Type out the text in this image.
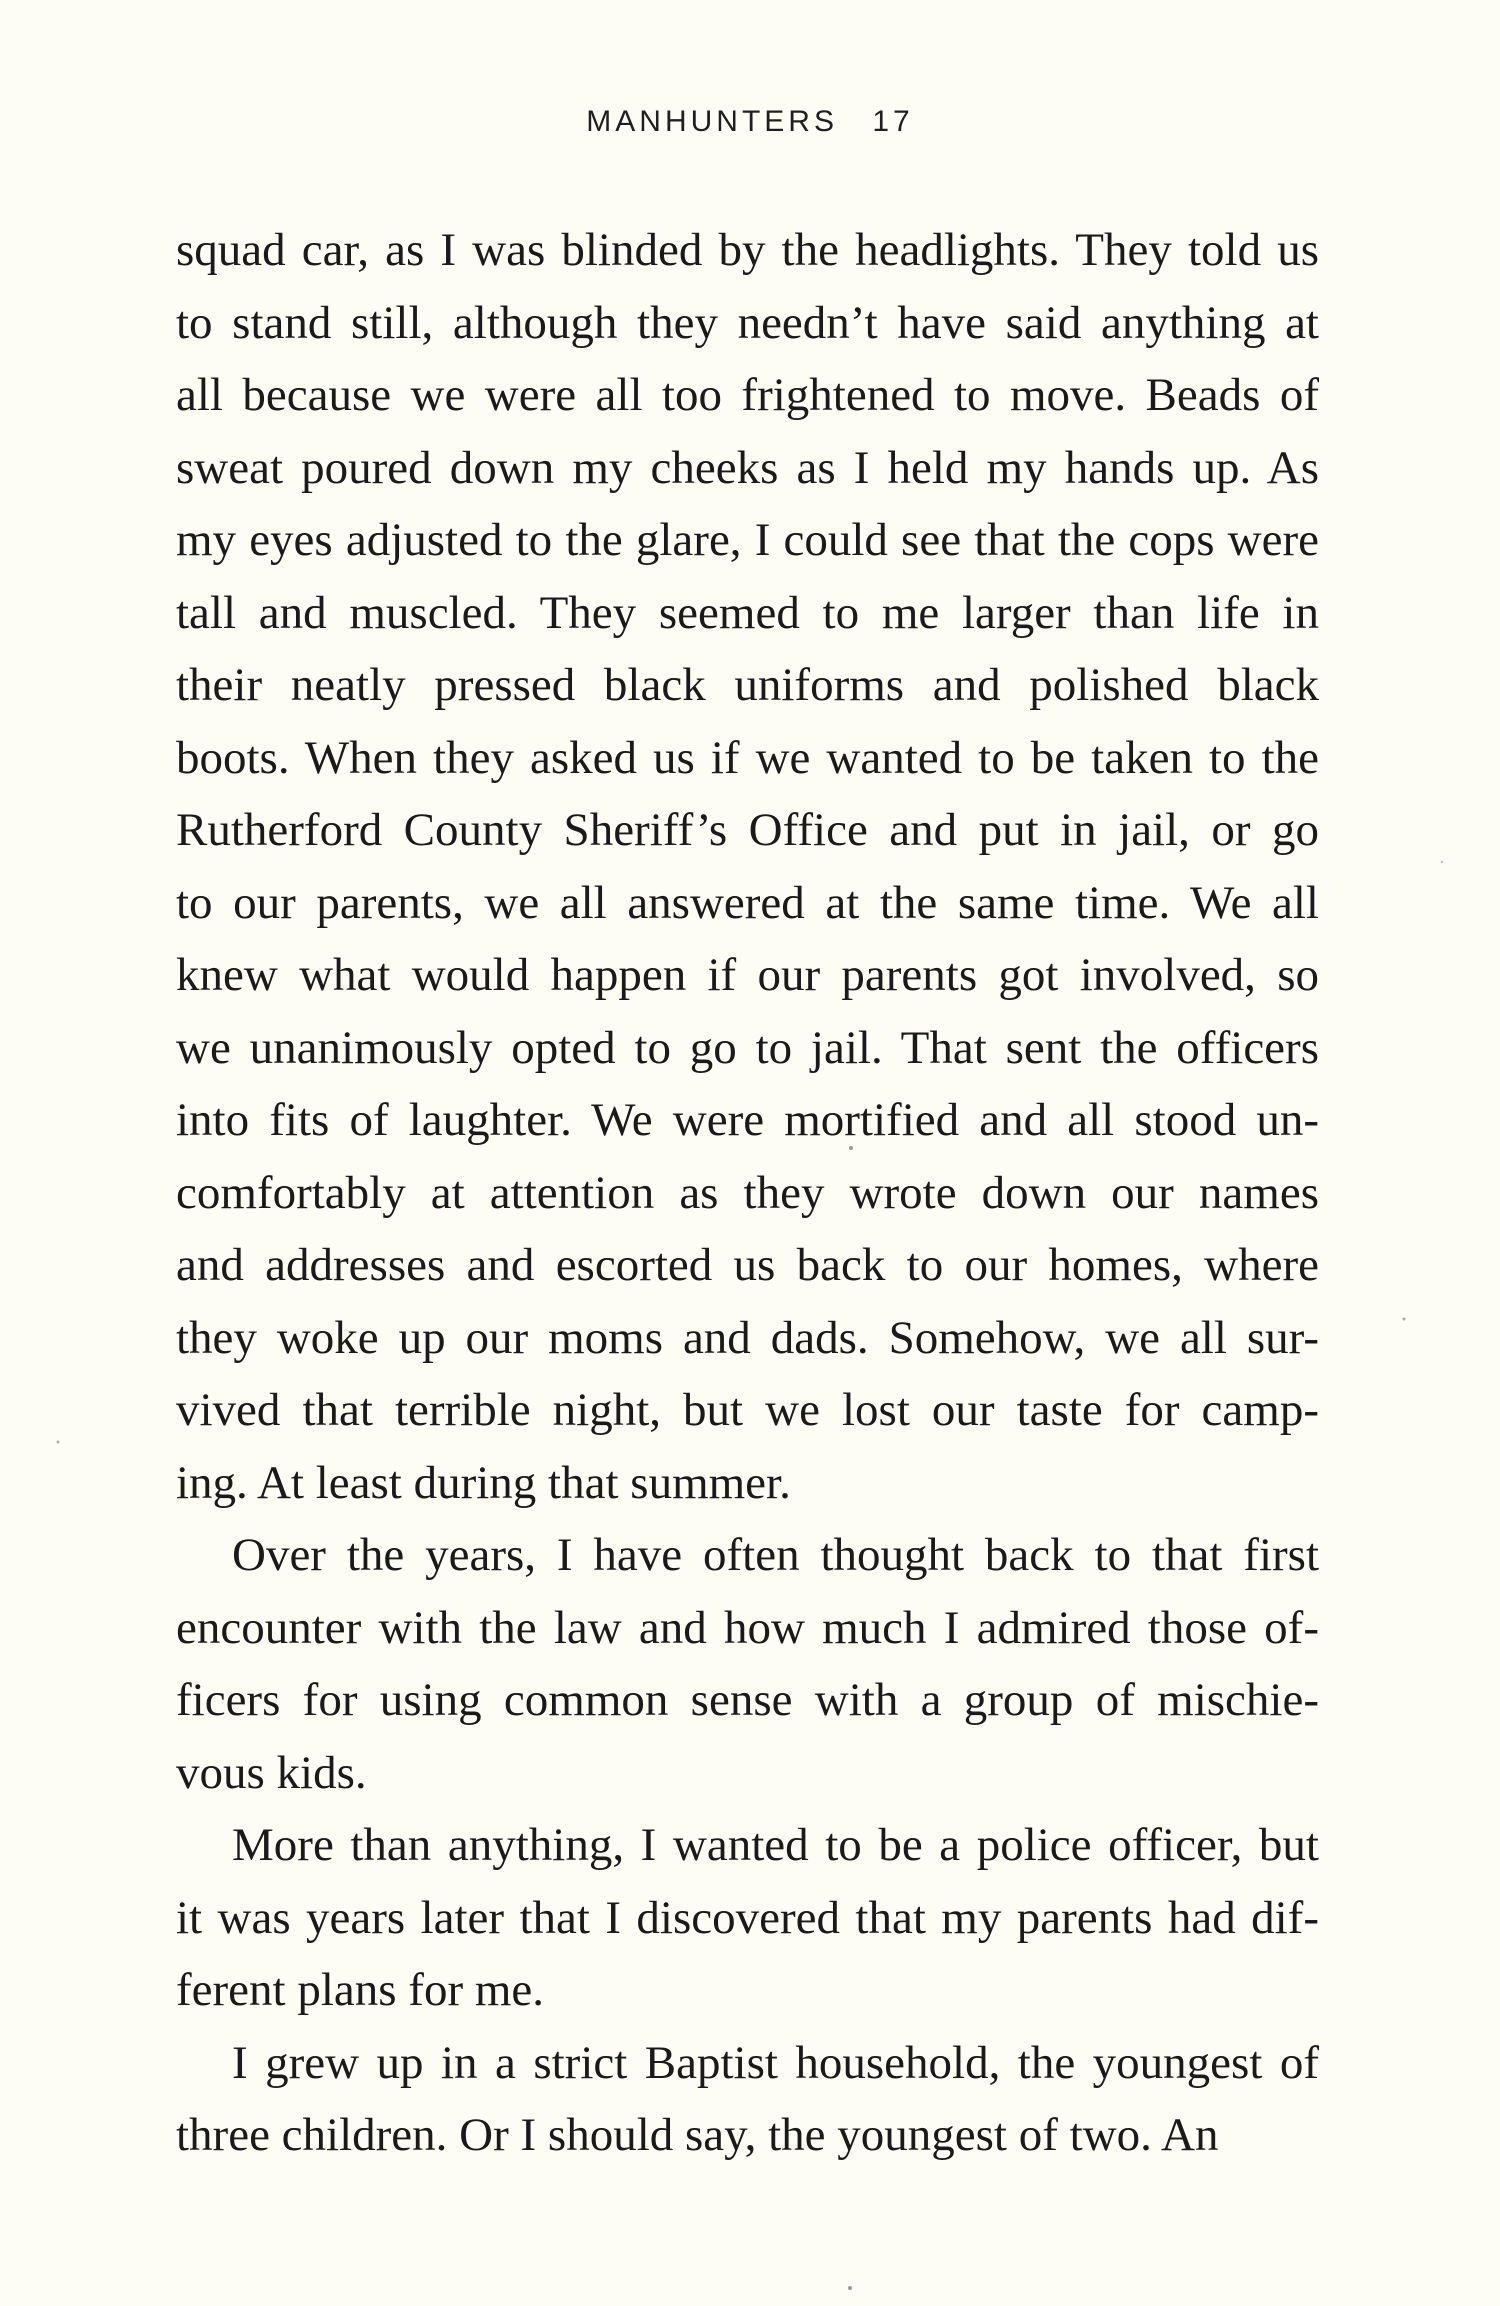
MANHUNTERS 17
squad car, as I was blinded by the headlights. They told us
to stand still, although they needn’t have said anything at
all because we were all too frightened to move. Beads of
sweat poured down my cheeks as I held my hands up. As
my eyes adjusted to the glare, I could see that the cops were
tall and muscled. They seemed to me larger than life in
their neatly pressed black uniforms and polished black
boots. When they asked us if we wanted to be taken to the
Rutherford County Sheriff’s Office and put in jail, or go
to our parents, we all answered at the same time. We all
knew what would happen if our parents got involved, so
we unanimously opted to go to jail. That sent the officers
into fits of laughter. We were mortified and all stood un-
comfortably at attention as they wrote down our names
and addresses and escorted us back to our homes, where
they woke up our moms and dads. Somehow, we all sur-
vived that terrible night, but we lost our taste for camp-
ing. At least during that summer.
Over the years, I have often thought back to that first
encounter with the law and how much I admired those of-
ficers for using common sense with a group of mischie-
vous kids.
More than anything, I wanted to be a police officer, but
it was years later that I discovered that my parents had dif-
ferent plans for me.
I grew up in a strict Baptist household, the youngest of
three children. Or I should say, the youngest of two. An
